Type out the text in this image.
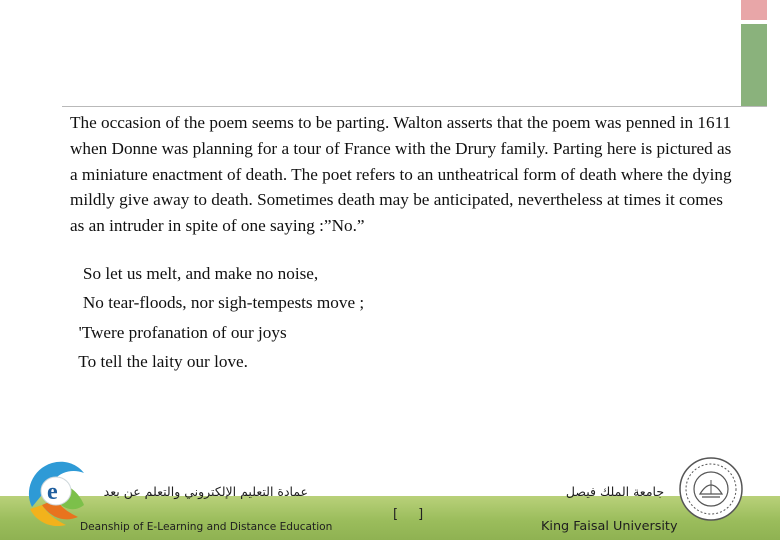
The occasion of the poem seems to be parting. Walton asserts that the poem was penned in 1611 when Donne was planning for a tour of France with the Drury family. Parting here is pictured as a miniature enactment of death. The poet refers to an untheatrical form of death where the dying mildly give away to death. Sometimes death may be anticipated, nevertheless at times it comes as an intruder in spite of one saying :”No.”

So let us melt, and make no noise,

No tear-floods, nor sigh-tempests move ;

'Twere profanation of our joys

To tell the laity our love.

e	عمادة التعليم الإلكتروني والتعلم عن بعد
Deanship of E-Learning and Distance Education
[ ]
جامعة الملك فيصل
King Faisal University
